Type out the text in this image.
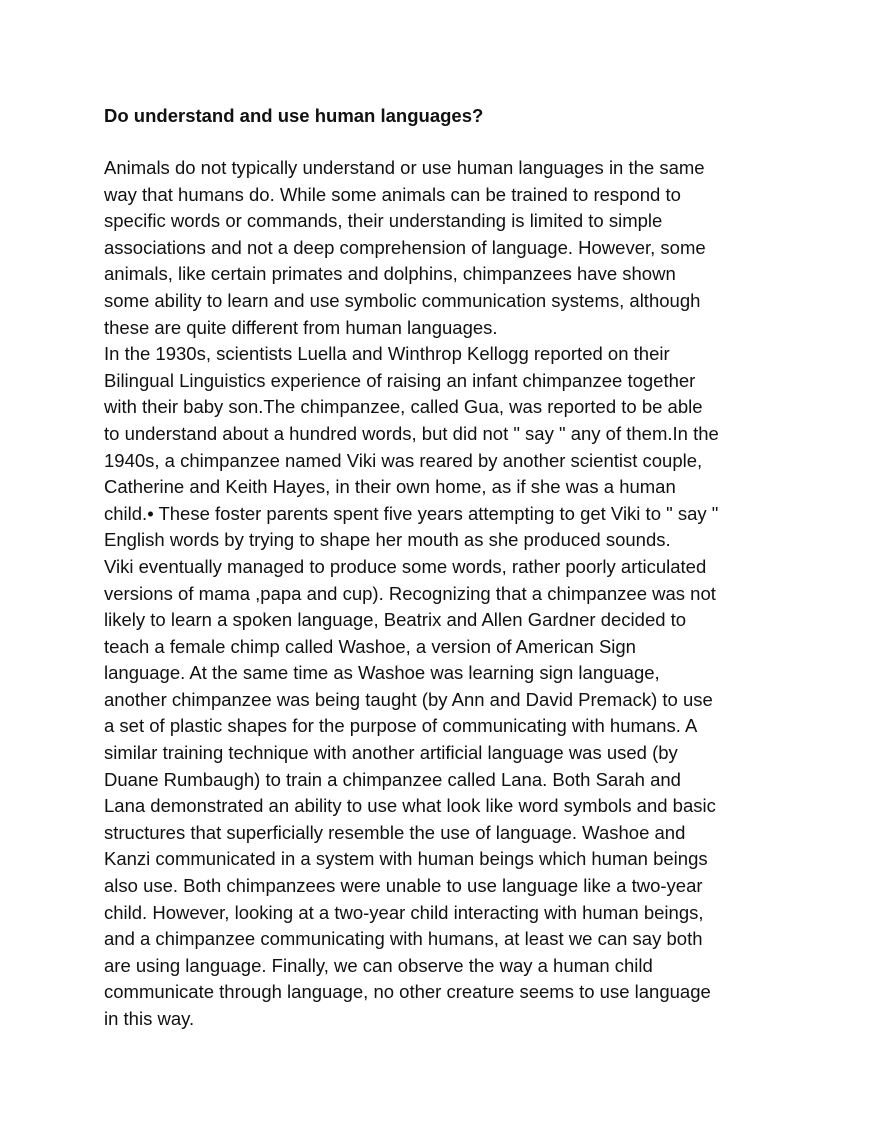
Do understand and use human languages?

Animals do not typically understand or use human languages in the same
way that humans do. While some animals can be trained to respond to
specific words or commands, their understanding is limited to simple
associations and not a deep comprehension of language. However, some
animals, like certain primates and dolphins, chimpanzees have shown
some ability to learn and use symbolic communication systems, although
these are quite different from human languages.

In the 1930s, scientists Luella and Winthrop Kellogg reported on their
Bilingual Linguistics experience of raising an infant chimpanzee together
with their baby son.The chimpanzee, called Gua, was reported to be able
to understand about a hundred words, but did not " say " any of them.In the
1940s, a chimpanzee named Viki was reared by another scientist couple,
Catherine and Keith Hayes, in their own home, as if she was a human
child.• These foster parents spent five years attempting to get Viki to " say "
English words by trying to shape her mouth as she produced sounds.

Viki eventually managed to produce some words, rather poorly articulated
versions of mama ,papa and cup). Recognizing that a chimpanzee was not
likely to learn a spoken language, Beatrix and Allen Gardner decided to
teach a female chimp called Washoe, a version of American Sign
language. At the same time as Washoe was learning sign language,
another chimpanzee was being taught (by Ann and David Premack) to use
a set of plastic shapes for the purpose of communicating with humans. A
similar training technique with another artificial language was used (by
Duane Rumbaugh) to train a chimpanzee called Lana. Both Sarah and
Lana demonstrated an ability to use what look like word symbols and basic
structures that superficially resemble the use of language. Washoe and
Kanzi communicated in a system with human beings which human beings
also use. Both chimpanzees were unable to use language like a two-year
child. However, looking at a two-year child interacting with human beings,
and a chimpanzee communicating with humans, at least we can say both
are using language. Finally, we can observe the way a human child
communicate through language, no other creature seems to use language
in this way.
